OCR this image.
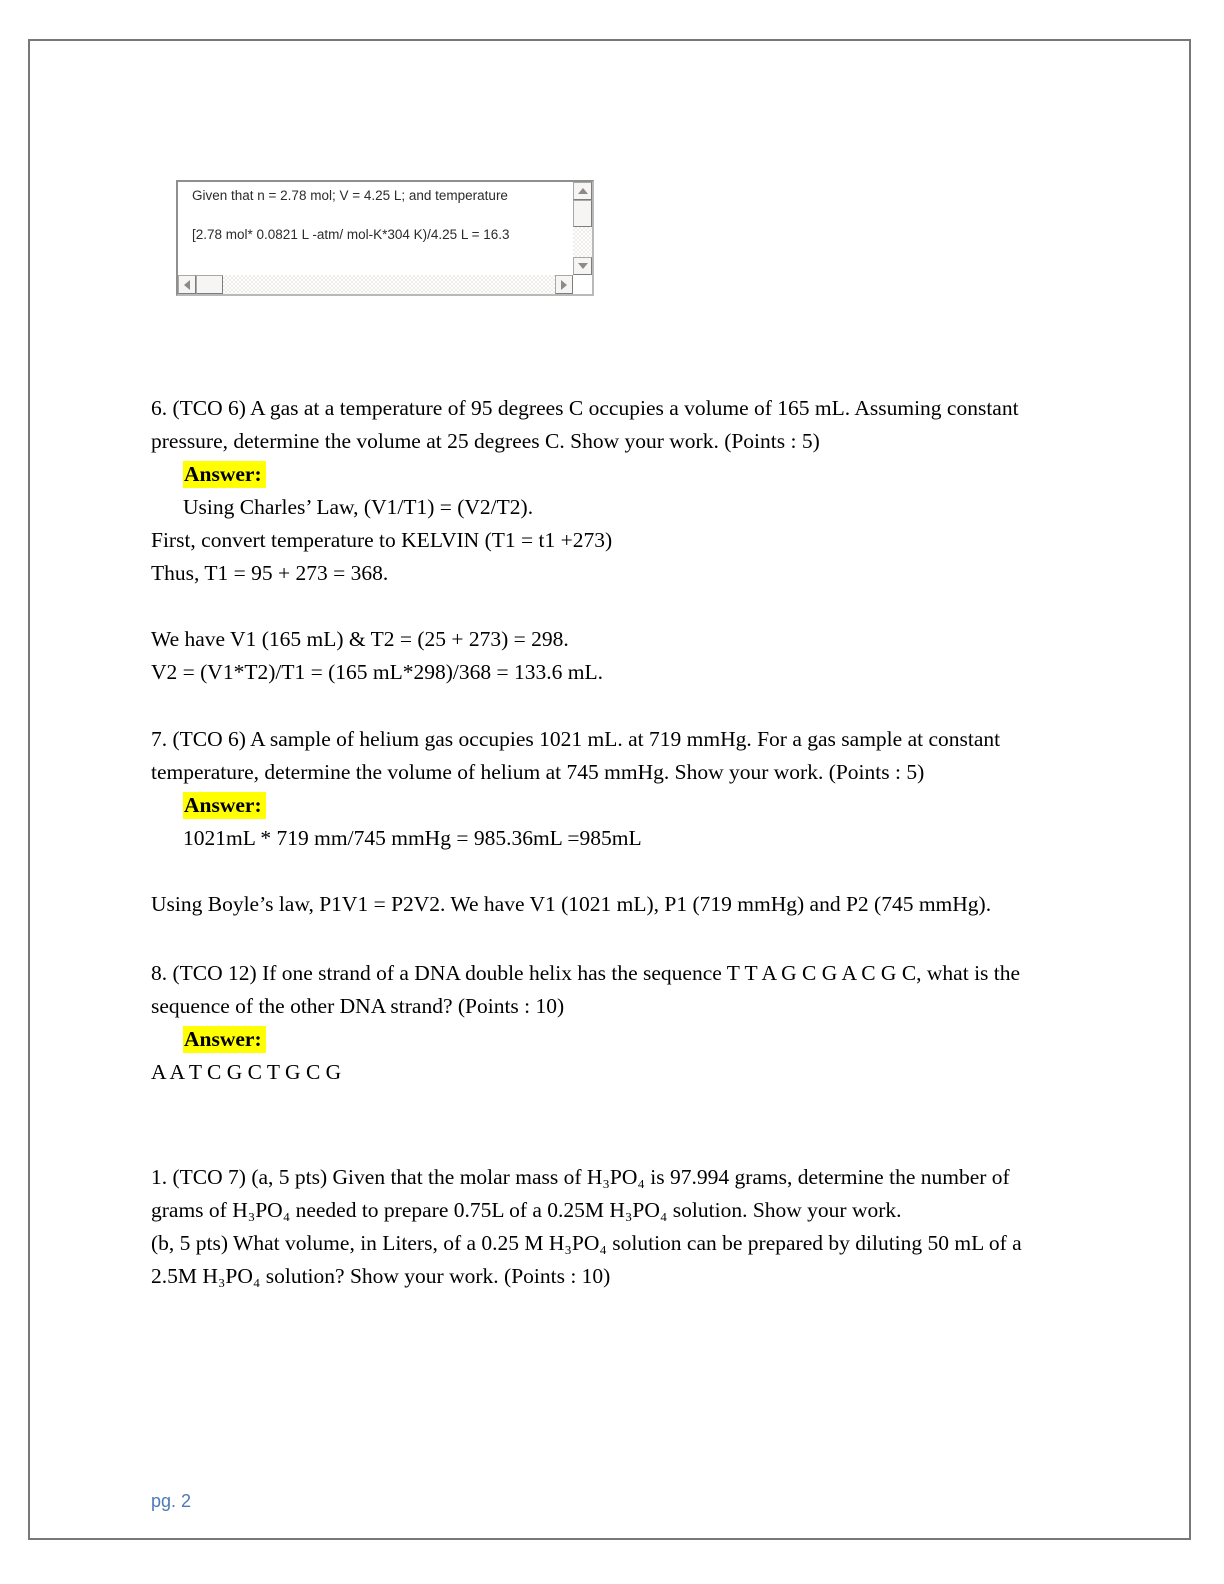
Given that n = 2.78 mol; V = 4.25 L; and temperature
[2.78 mol* 0.0821 L -atm/ mol-K*304 K)/4.25 L = 16.3
6. (TCO 6) A gas at a temperature of 95 degrees C occupies a volume of 165 mL. Assuming constant
pressure, determine the volume at 25 degrees C. Show your work. (Points : 5)
Answer:
Using Charles’ Law, (V1/T1) = (V2/T2).
First, convert temperature to KELVIN (T1 = t1 +273)
Thus, T1 = 95 + 273 = 368.
We have V1 (165 mL) & T2 = (25 + 273) = 298.
V2 = (V1*T2)/T1 = (165 mL*298)/368 = 133.6 mL.
7. (TCO 6) A sample of helium gas occupies 1021 mL. at 719 mmHg. For a gas sample at constant
temperature, determine the volume of helium at 745 mmHg. Show your work. (Points : 5)
Answer:
1021mL * 719 mm/745 mmHg = 985.36mL =985mL
Using Boyle’s law, P1V1 = P2V2. We have V1 (1021 mL), P1 (719 mmHg) and P2 (745 mmHg).
8. (TCO 12) If one strand of a DNA double helix has the sequence T T A G C G A C G C, what is the
sequence of the other DNA strand? (Points : 10)
Answer:
A A T C G C T G C G
1. (TCO 7) (a, 5 pts) Given that the molar mass of H₃PO₄ is 97.994 grams, determine the number of
grams of H₃PO₄ needed to prepare 0.75L of a 0.25M H₃PO₄ solution. Show your work.
(b, 5 pts) What volume, in Liters, of a 0.25 M H₃PO₄ solution can be prepared by diluting 50 mL of a
2.5M H₃PO₄ solution? Show your work. (Points : 10)
pg. 2
